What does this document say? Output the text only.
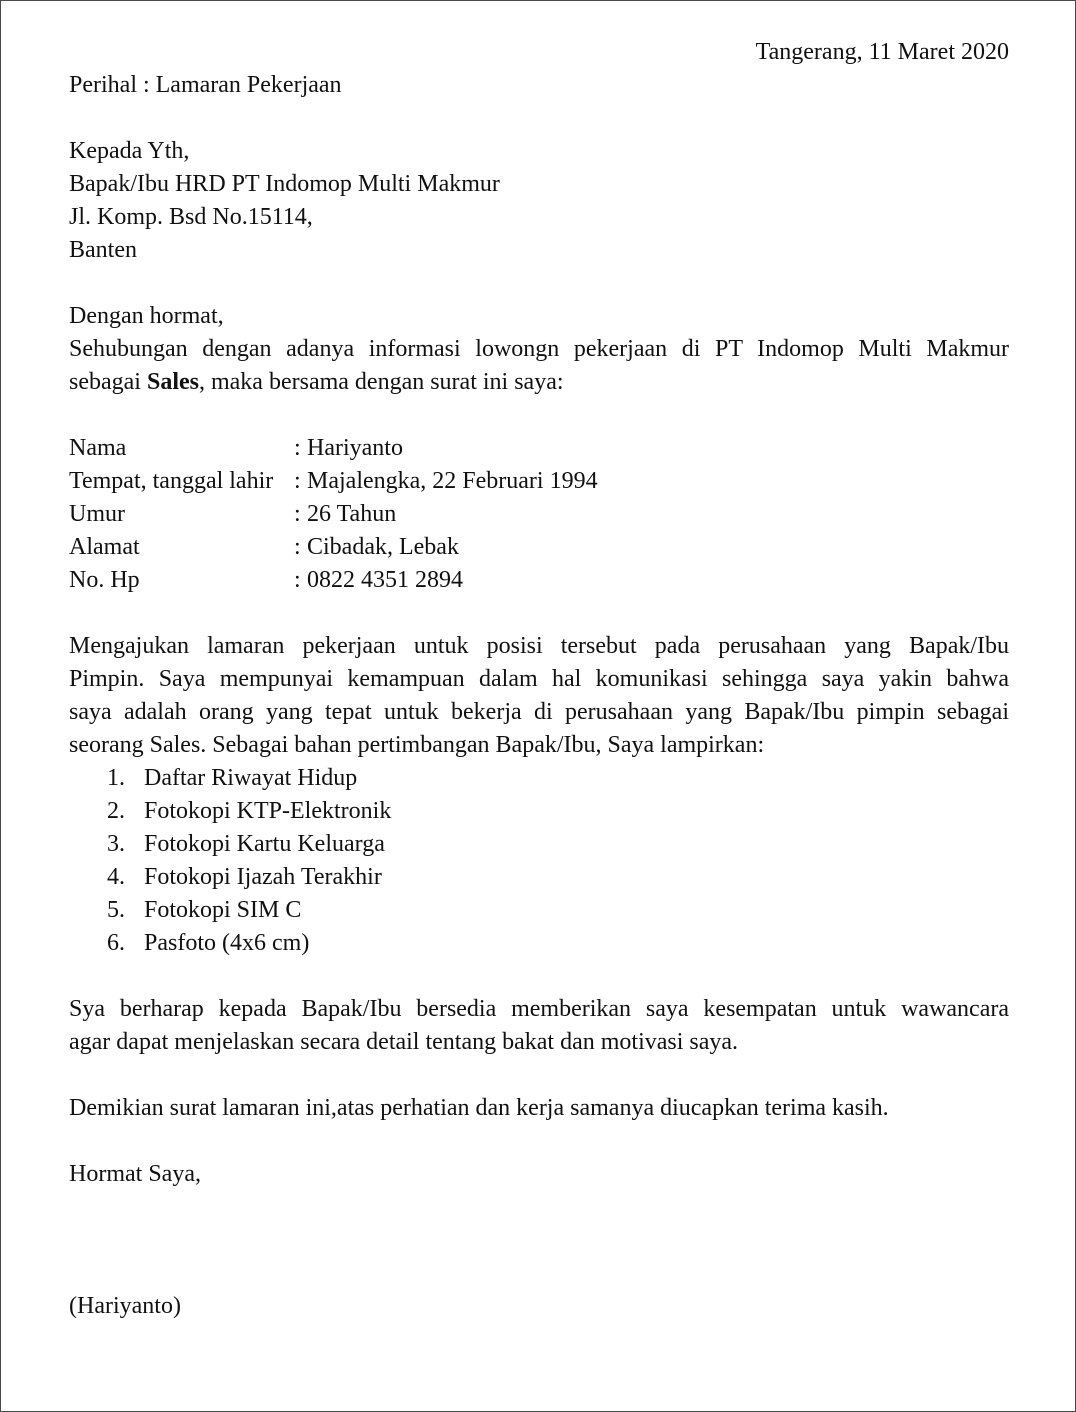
Tangerang, 11 Maret 2020
Perihal : Lamaran Pekerjaan
Kepada Yth,
Bapak/Ibu HRD PT Indomop Multi Makmur
Jl. Komp. Bsd No.15114,
Banten
Dengan hormat,
Sehubungan dengan adanya informasi lowongn pekerjaan di PT Indomop Multi Makmur
sebagai Sales, maka bersama dengan surat ini saya:
Nama	: Hariyanto
Tempat, tanggal lahir : Majalengka, 22 Februari 1994
Umur	: 26 Tahun
Alamat	: Cibadak, Lebak
No. Hp	: 0822 4351 2894
Mengajukan lamaran pekerjaan untuk posisi tersebut pada perusahaan yang Bapak/Ibu
Pimpin. Saya mempunyai kemampuan dalam hal komunikasi sehingga saya yakin bahwa
saya adalah orang yang tepat untuk bekerja di perusahaan yang Bapak/Ibu pimpin sebagai
seorang Sales. Sebagai bahan pertimbangan Bapak/Ibu, Saya lampirkan:
1. Daftar Riwayat Hidup
2. Fotokopi KTP-Elektronik
3. Fotokopi Kartu Keluarga
4. Fotokopi Ijazah Terakhir
5. Fotokopi SIM C
6. Pasfoto (4x6 cm)
Sya berharap kepada Bapak/Ibu bersedia memberikan saya kesempatan untuk wawancara
agar dapat menjelaskan secara detail tentang bakat dan motivasi saya.
Demikian surat lamaran ini,atas perhatian dan kerja samanya diucapkan terima kasih.
Hormat Saya,
(Hariyanto)
